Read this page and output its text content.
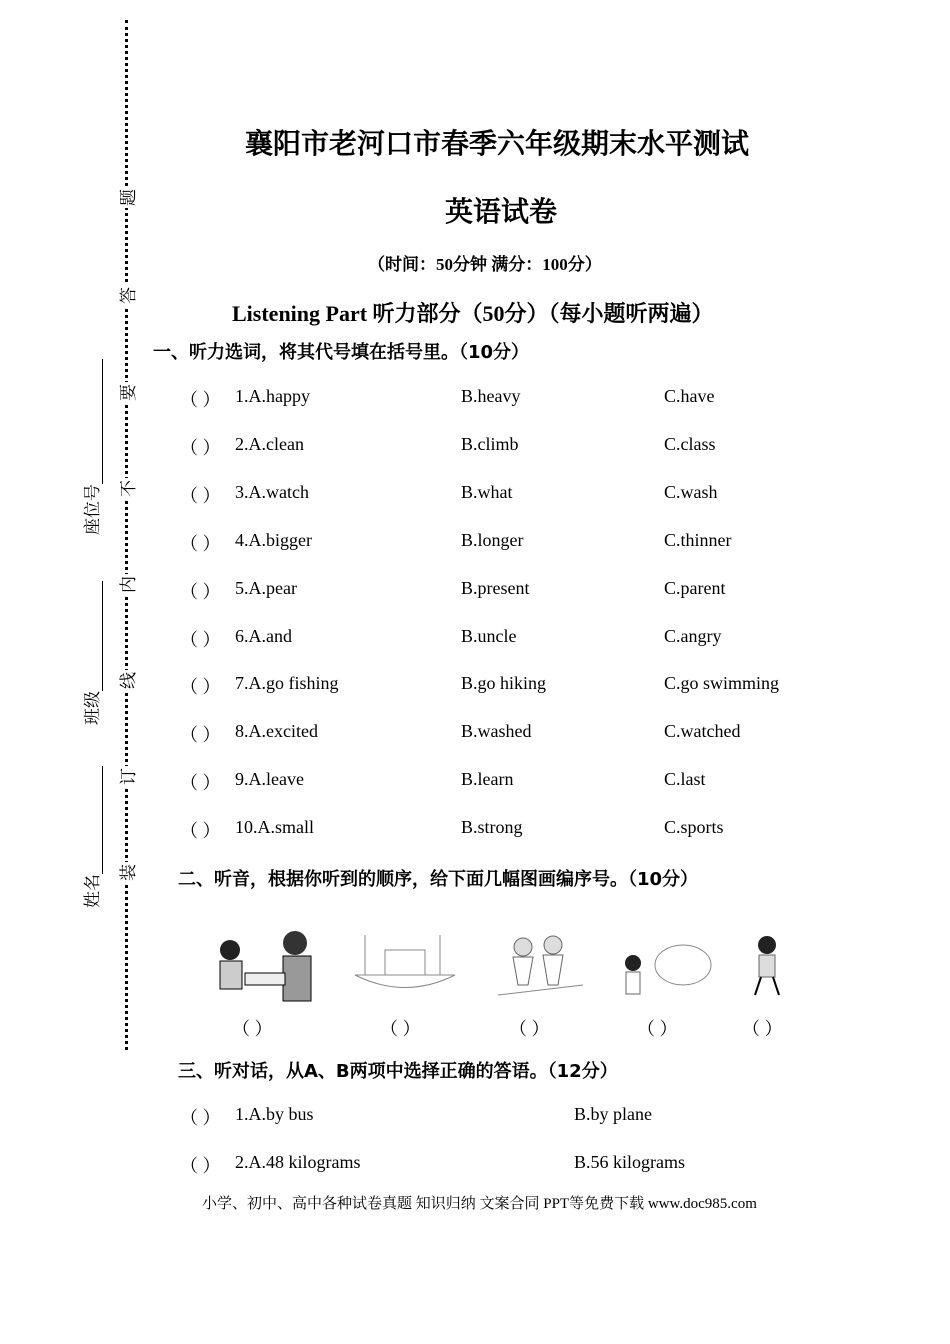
题
答
要
不
内
线
订
装
座位号
班级
姓名
襄阳市老河口市春季六年级期末水平测试
英语试卷
（时间：50分钟 满分：100分）
Listening Part 听力部分（50分）（每小题听两遍）
一、听力选词，将其代号填在括号里。（10分）
（ ） 1.A.happy	B.heavy	C.have
（ ） 2.A.clean	B.climb	C.class
（ ） 3.A.watch	B.what	C.wash
（ ） 4.A.bigger	B.longer	C.thinner
（ ） 5.A.pear	B.present	C.parent
（ ） 6.A.and	B.uncle	C.angry
（ ） 7.A.go fishing	B.go hiking	C.go swimming
（ ） 8.A.excited	B.washed	C.watched
（ ） 9.A.leave	B.learn	C.last
（ ） 10.A.small	B.strong	C.sports
二、听音，根据你听到的顺序，给下面几幅图画编序号。（10分）
（ ）	（ ）	（ ）	（ ）	（ ）
三、听对话，从A、B两项中选择正确的答语。（12分）
（ ） 1.A.by bus	B.by plane
（ ） 2.A.48 kilograms	B.56 kilograms
小学、初中、高中各种试卷真题 知识归纳 文案合同 PPT等免费下载 www.doc985.com
